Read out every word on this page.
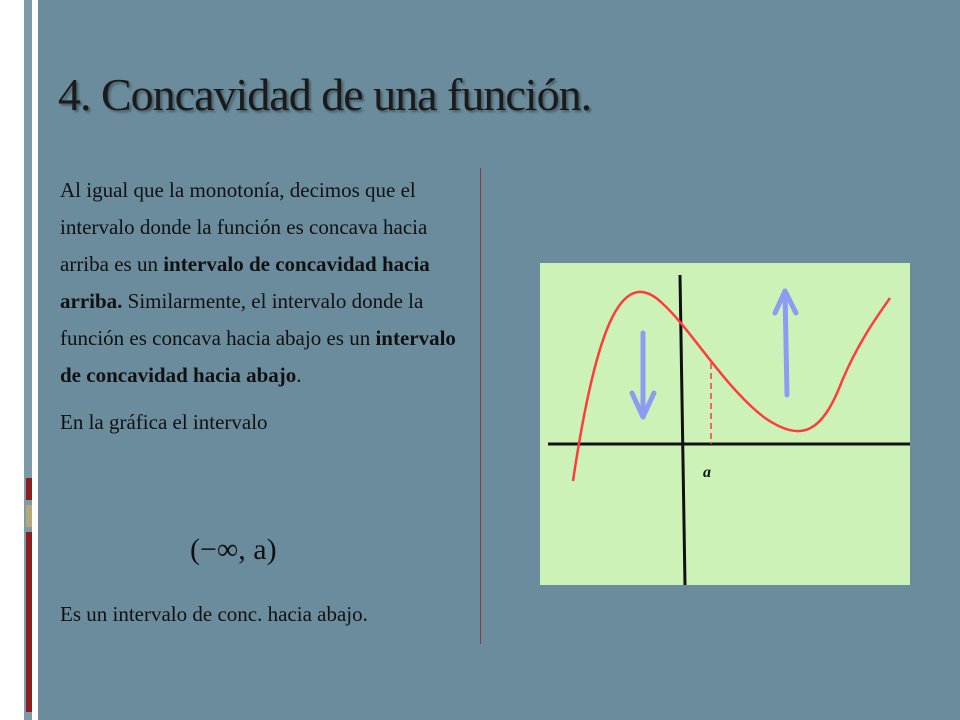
4. Concavidad de una función.

Al igual que la monotonía, decimos que el intervalo donde la función es concava hacia arriba es un intervalo de concavidad hacia arriba. Similarmente, el intervalo donde la función es concava hacia abajo es un intervalo de concavidad hacia abajo.

En la gráfica el intervalo

(−∞, a)
Es un intervalo de conc. hacia abajo.
a
